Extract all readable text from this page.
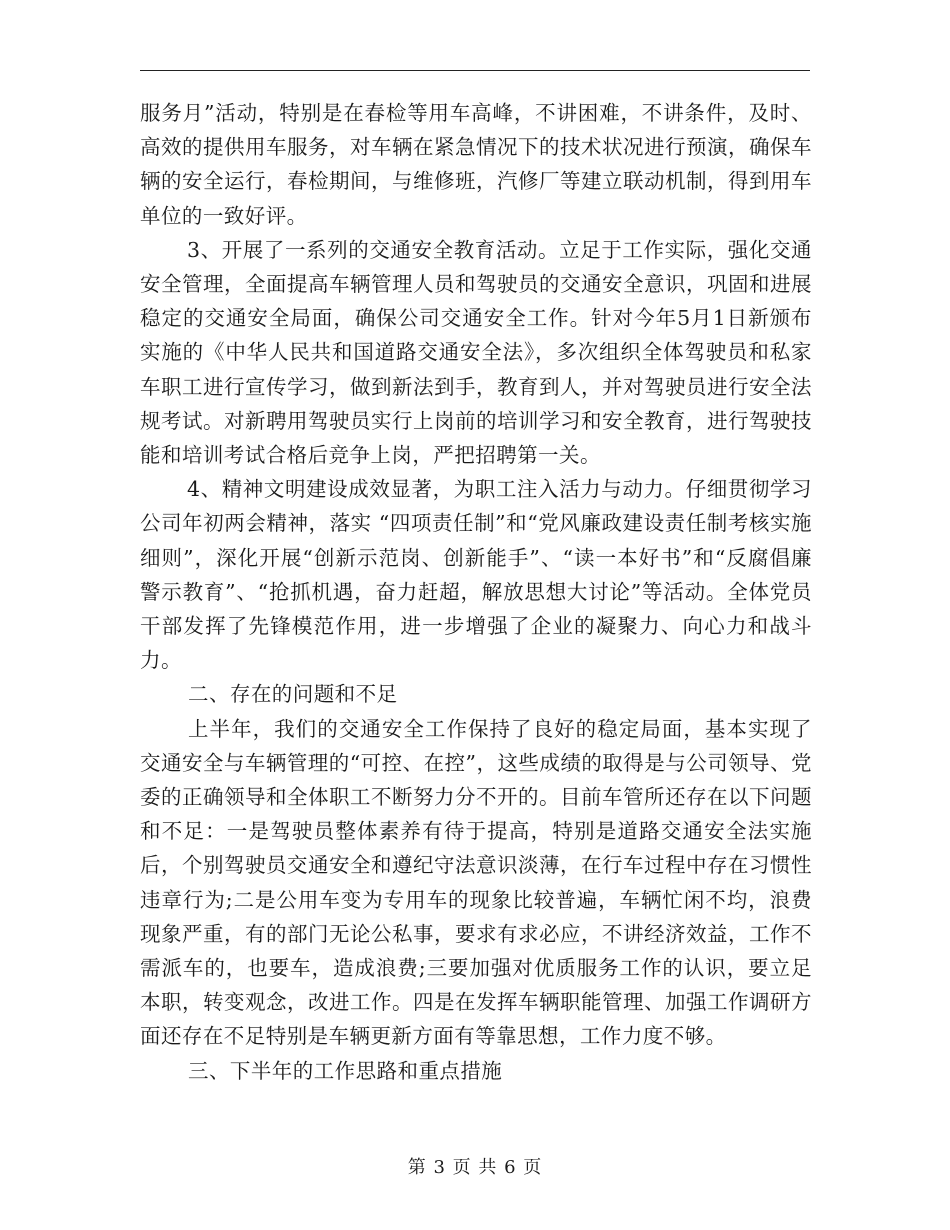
服务月”活动，特别是在春检等用车高峰，不讲困难，不讲条件，及时、高效的提供用车服务，对车辆在紧急情况下的技术状况进行预演，确保车辆的安全运行，春检期间，与维修班，汽修厂等建立联动机制，得到用车单位的一致好评。

3、开展了一系列的交通安全教育活动。立足于工作实际，强化交通安全管理，全面提高车辆管理人员和驾驶员的交通安全意识，巩固和进展稳定的交通安全局面，确保公司交通安全工作。针对今年5月1日新颁布实施的《中华人民共和国道路交通安全法》，多次组织全体驾驶员和私家车职工进行宣传学习，做到新法到手，教育到人，并对驾驶员进行安全法规考试。对新聘用驾驶员实行上岗前的培训学习和安全教育，进行驾驶技能和培训考试合格后竞争上岗，严把招聘第一关。

4、精神文明建设成效显著，为职工注入活力与动力。仔细贯彻学习公司年初两会精神，落实 “四项责任制”和“党风廉政建设责任制考核实施细则”，深化开展“创新示范岗、创新能手”、“读一本好书”和“反腐倡廉警示教育”、“抢抓机遇，奋力赶超，解放思想大讨论”等活动。全体党员干部发挥了先锋模范作用，进一步增强了企业的凝聚力、向心力和战斗力。

二、存在的问题和不足

上半年，我们的交通安全工作保持了良好的稳定局面，基本实现了交通安全与车辆管理的“可控、在控”，这些成绩的取得是与公司领导、党委的正确领导和全体职工不断努力分不开的。目前车管所还存在以下问题和不足：一是驾驶员整体素养有待于提高，特别是道路交通安全法实施后，个别驾驶员交通安全和遵纪守法意识淡薄，在行车过程中存在习惯性违章行为;二是公用车变为专用车的现象比较普遍，车辆忙闲不均，浪费现象严重，有的部门无论公私事，要求有求必应，不讲经济效益，工作不需派车的，也要车，造成浪费;三要加强对优质服务工作的认识，要立足本职，转变观念，改进工作。四是在发挥车辆职能管理、加强工作调研方面还存在不足特别是车辆更新方面有等靠思想，工作力度不够。

三、下半年的工作思路和重点措施

第 3 页 共 6 页
